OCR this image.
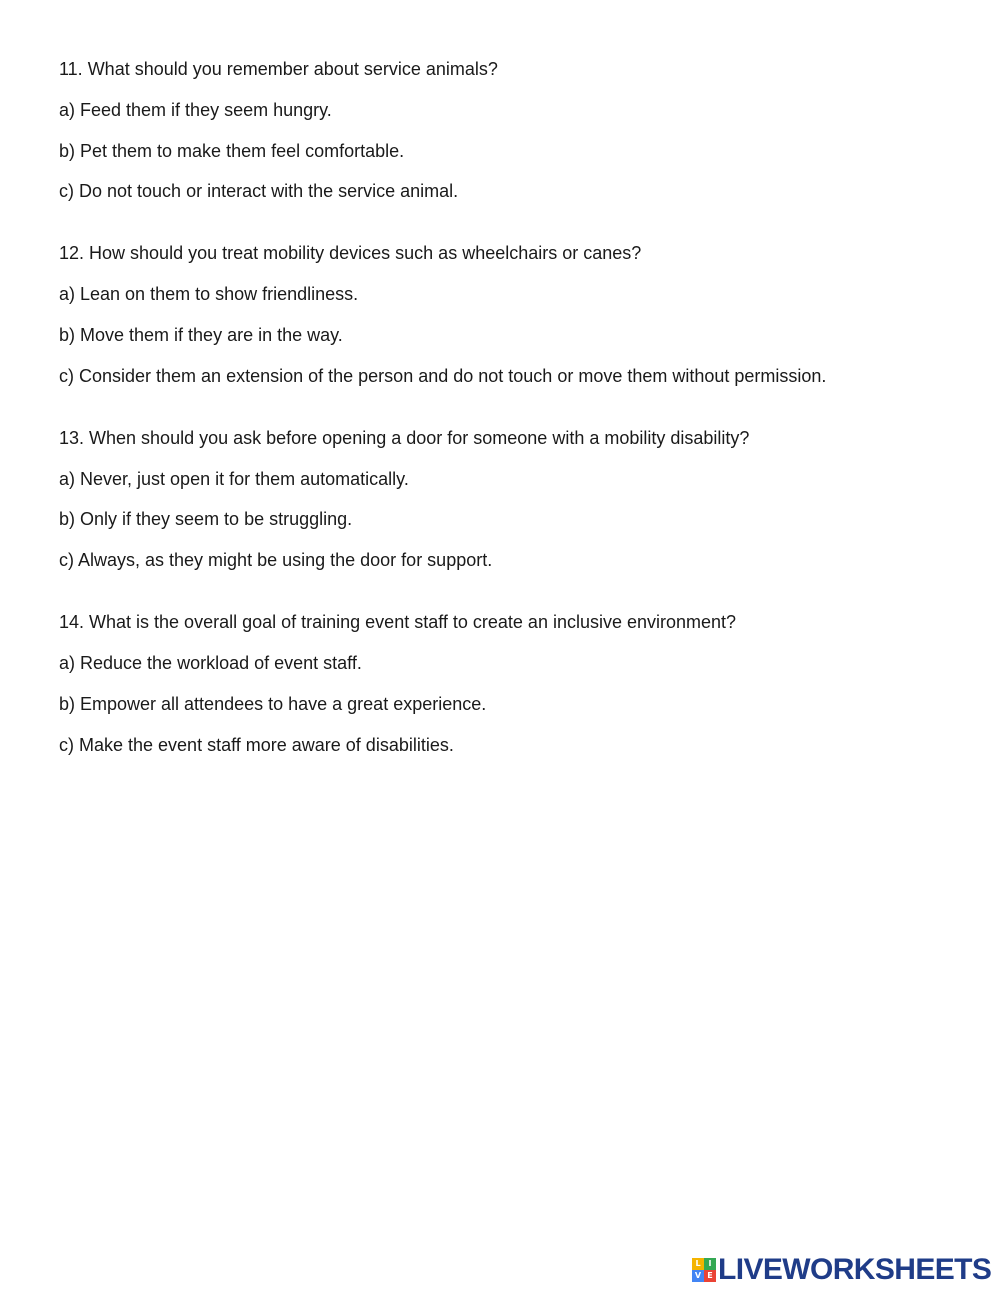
11. What should you remember about service animals?
a) Feed them if they seem hungry.
b) Pet them to make them feel comfortable.
c) Do not touch or interact with the service animal.
12. How should you treat mobility devices such as wheelchairs or canes?
a) Lean on them to show friendliness.
b) Move them if they are in the way.
c) Consider them an extension of the person and do not touch or move them without permission.
13. When should you ask before opening a door for someone with a mobility disability?
a) Never, just open it for them automatically.
b) Only if they seem to be struggling.
c) Always, as they might be using the door for support.
14. What is the overall goal of training event staff to create an inclusive environment?
a) Reduce the workload of event staff.
b) Empower all attendees to have a great experience.
c) Make the event staff more aware of disabilities.
L I
V E LIVEWORKSHEETS
